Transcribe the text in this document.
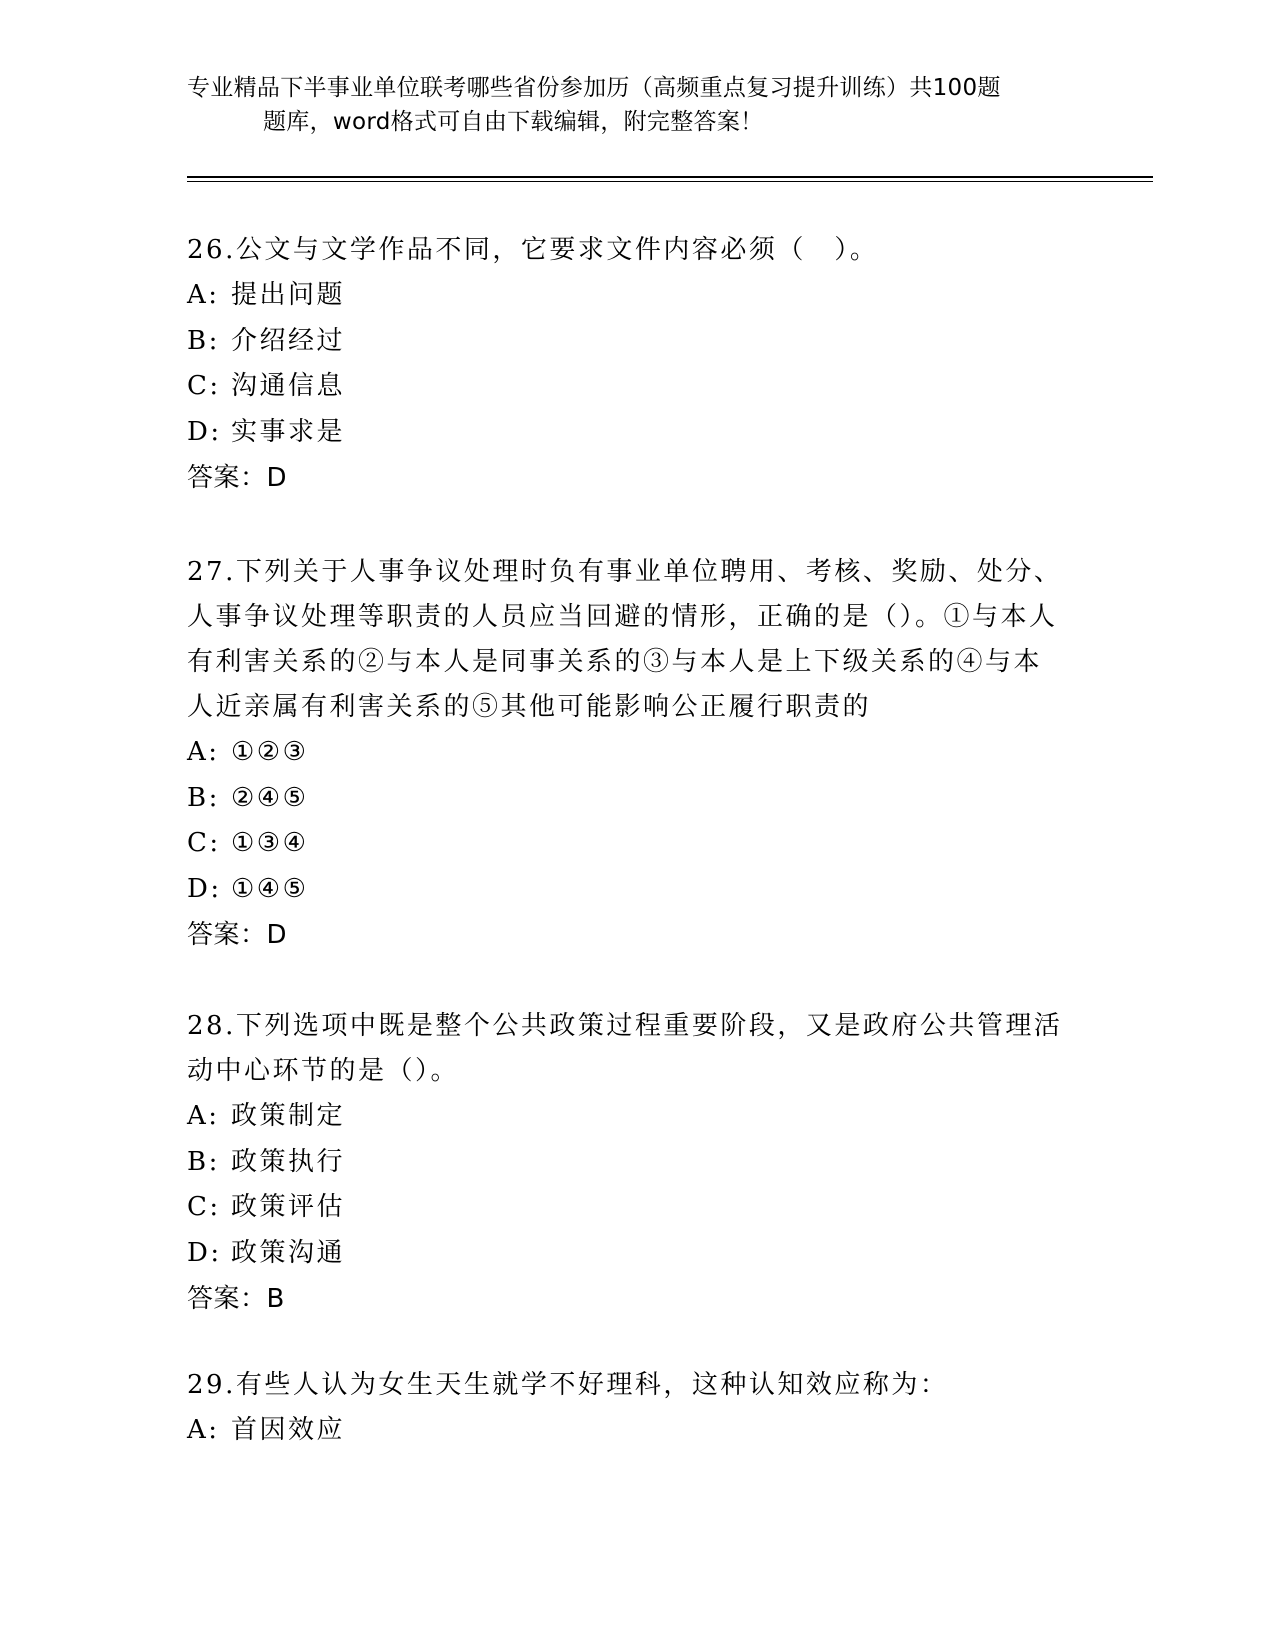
专业精品下半事业单位联考哪些省份参加历（高频重点复习提升训练）共100题
题库，word格式可自由下载编辑，附完整答案！
26.公文与文学作品不同，它要求文件内容必须（　）。
A: 提出问题
B: 介绍经过
C: 沟通信息
D: 实事求是
答案：D
27.下列关于人事争议处理时负有事业单位聘用、考核、奖励、处分、人事争议处理等职责的人员应当回避的情形，正确的是（）。①与本人有利害关系的②与本人是同事关系的③与本人是上下级关系的④与本人近亲属有利害关系的⑤其他可能影响公正履行职责的
A: ①②③
B: ②④⑤
C: ①③④
D: ①④⑤
答案：D
28.下列选项中既是整个公共政策过程重要阶段，又是政府公共管理活动中心环节的是（）。
A: 政策制定
B: 政策执行
C: 政策评估
D: 政策沟通
答案：B
29.有些人认为女生天生就学不好理科，这种认知效应称为：
A: 首因效应
